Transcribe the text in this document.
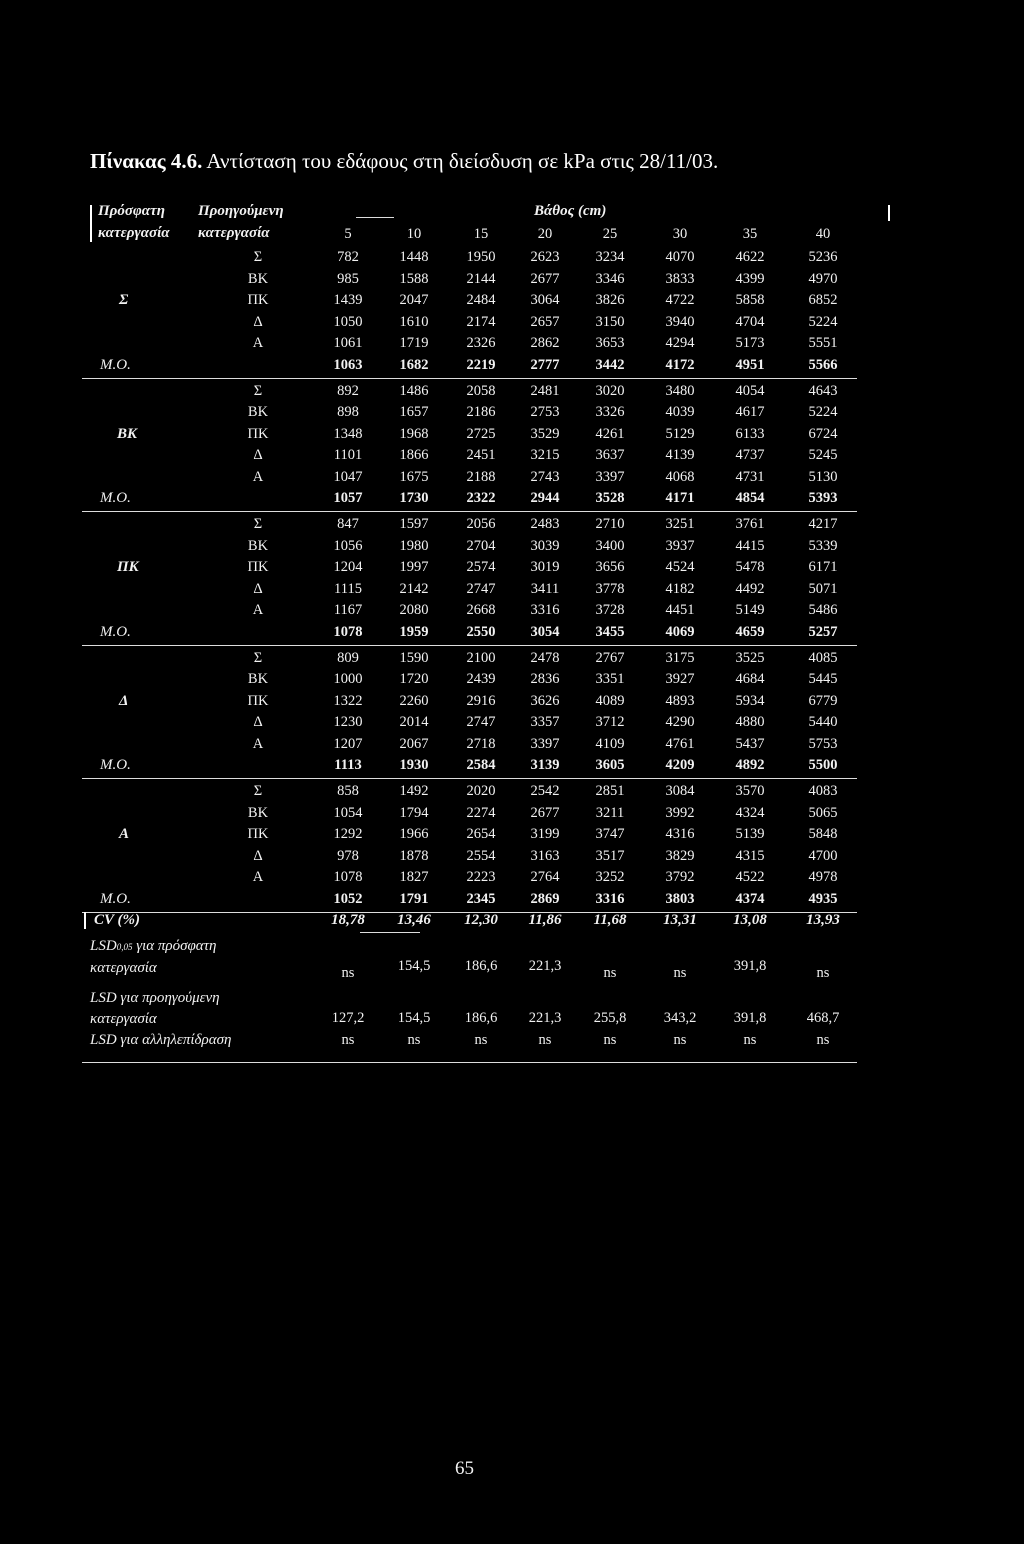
Πίνακας 4.6. Αντίσταση του εδάφους στη διείσδυση σε kPa στις 28/11/03.
Πρόσφατη
κατεργασία
Προηγούμενη
κατεργασία
Βάθος (cm)
5	10	15	20	25	30	35	40
Σ
Σ	782	1448	1950	2623	3234	4070	4622	5236
ΒΚ	985	1588	2144	2677	3346	3833	4399	4970
ΠΚ	1439	2047	2484	3064	3826	4722	5858	6852
Δ	1050	1610	2174	2657	3150	3940	4704	5224
Α	1061	1719	2326	2862	3653	4294	5173	5551
Μ.Ο.	1063	1682	2219	2777	3442	4172	4951	5566
ΒΚ
Σ	892	1486	2058	2481	3020	3480	4054	4643
ΒΚ	898	1657	2186	2753	3326	4039	4617	5224
ΠΚ	1348	1968	2725	3529	4261	5129	6133	6724
Δ	1101	1866	2451	3215	3637	4139	4737	5245
Α	1047	1675	2188	2743	3397	4068	4731	5130
Μ.Ο.	1057	1730	2322	2944	3528	4171	4854	5393
ΠΚ
Σ	847	1597	2056	2483	2710	3251	3761	4217
ΒΚ	1056	1980	2704	3039	3400	3937	4415	5339
ΠΚ	1204	1997	2574	3019	3656	4524	5478	6171
Δ	1115	2142	2747	3411	3778	4182	4492	5071
Α	1167	2080	2668	3316	3728	4451	5149	5486
Μ.Ο.	1078	1959	2550	3054	3455	4069	4659	5257
Δ
Σ	809	1590	2100	2478	2767	3175	3525	4085
ΒΚ	1000	1720	2439	2836	3351	3927	4684	5445
ΠΚ	1322	2260	2916	3626	4089	4893	5934	6779
Δ	1230	2014	2747	3357	3712	4290	4880	5440
Α	1207	2067	2718	3397	4109	4761	5437	5753
Μ.Ο.	1113	1930	2584	3139	3605	4209	4892	5500
Α
Σ	858	1492	2020	2542	2851	3084	3570	4083
ΒΚ	1054	1794	2274	2677	3211	3992	4324	5065
ΠΚ	1292	1966	2654	3199	3747	4316	5139	5848
Δ	978	1878	2554	3163	3517	3829	4315	4700
Α	1078	1827	2223	2764	3252	3792	4522	4978
Μ.Ο.	1052	1791	2345	2869	3316	3803	4374	4935
CV (%)	18,78	13,46	12,30	11,86	11,68	13,31	13,08	13,93
LSD0,05 για πρόσφατη
κατεργασία	ns	154,5	186,6	221,3	ns	ns	391,8	ns
LSD για προηγούμενη
κατεργασία	127,2	154,5	186,6	221,3	255,8	343,2	391,8	468,7
LSD για αλληλεπίδραση	ns	ns	ns	ns	ns	ns	ns	ns
65
